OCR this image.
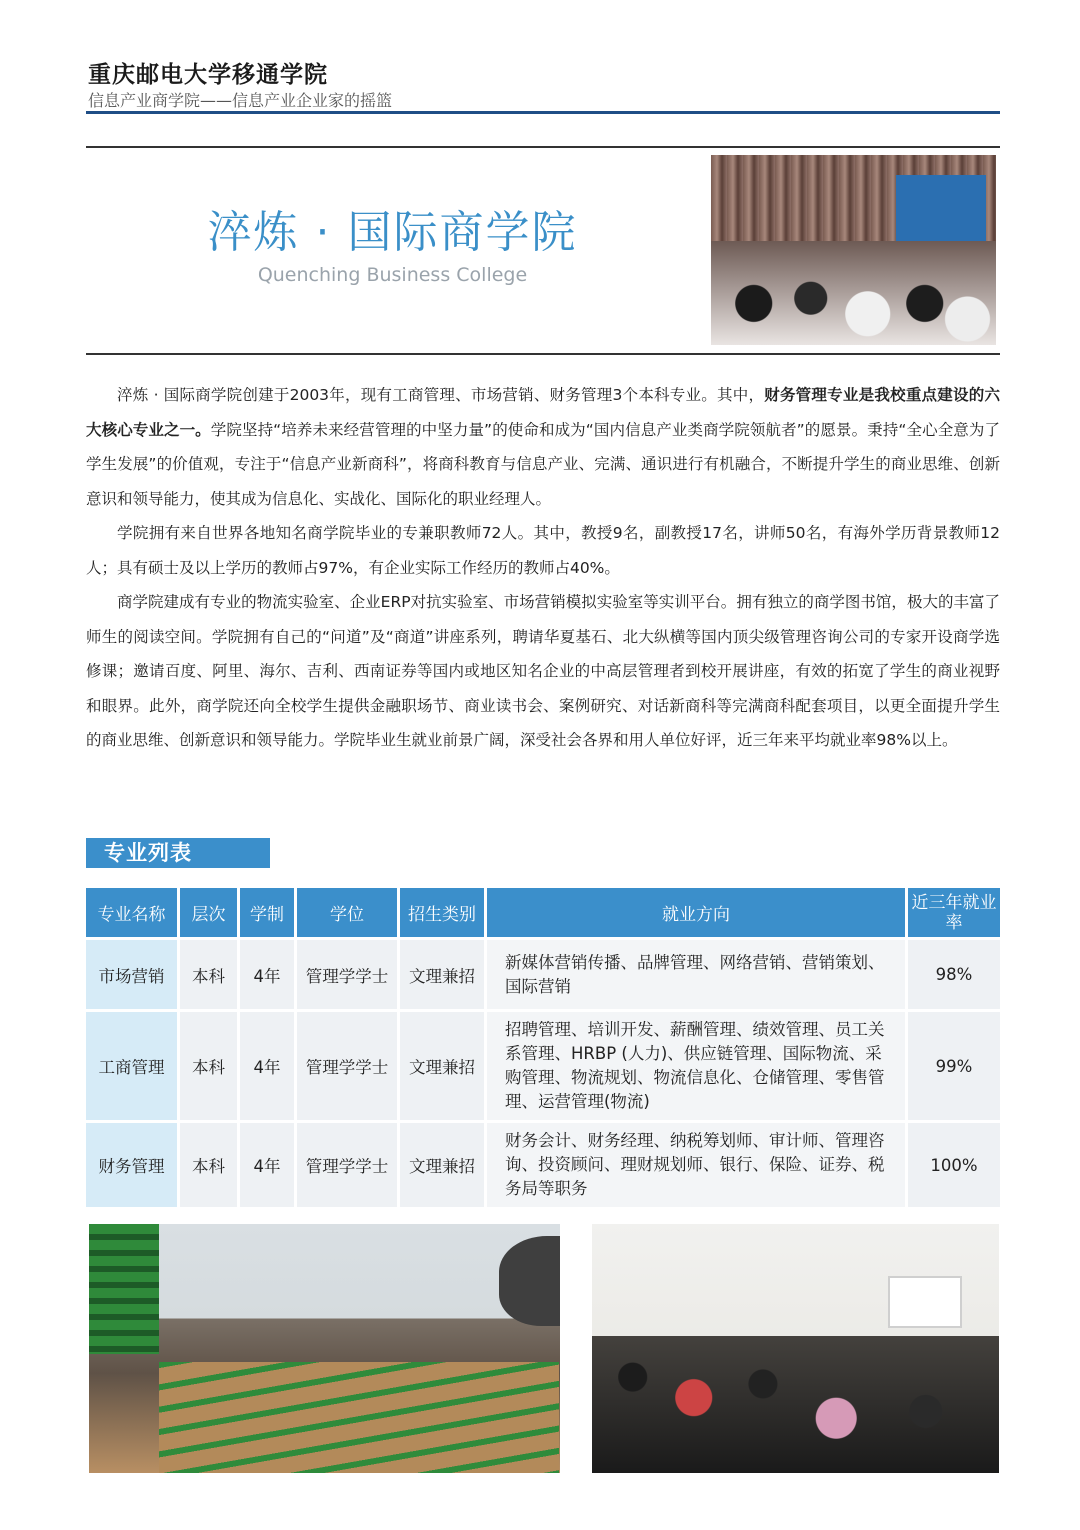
重庆邮电大学移通学院
信息产业商学院——信息产业企业家的摇篮
淬炼 · 国际商学院
Quenching Business College

淬炼 · 国际商学院创建于2003年，现有工商管理、市场营销、财务管理3个本科专业。其中，财务管理专业是我校重点建设的六大核心专业之一。学院坚持“培养未来经营管理的中坚力量”的使命和成为“国内信息产业类商学院领航者”的愿景。秉持“全心全意为了学生发展”的价值观，专注于“信息产业新商科”，将商科教育与信息产业、完满、通识进行有机融合，不断提升学生的商业思维、创新意识和领导能力，使其成为信息化、实战化、国际化的职业经理人。

学院拥有来自世界各地知名商学院毕业的专兼职教师72人。其中，教授9名，副教授17名，讲师50名，有海外学历背景教师12人；具有硕士及以上学历的教师占97%，有企业实际工作经历的教师占40%。

商学院建成有专业的物流实验室、企业ERP对抗实验室、市场营销模拟实验室等实训平台。拥有独立的商学图书馆，极大的丰富了师生的阅读空间。学院拥有自己的“问道”及“商道”讲座系列，聘请华夏基石、北大纵横等国内顶尖级管理咨询公司的专家开设商学选修课；邀请百度、阿里、海尔、吉利、西南证券等国内或地区知名企业的中高层管理者到校开展讲座，有效的拓宽了学生的商业视野和眼界。此外，商学院还向全校学生提供金融职场节、商业读书会、案例研究、对话新商科等完满商科配套项目，以更全面提升学生的商业思维、创新意识和领导能力。学院毕业生就业前景广阔，深受社会各界和用人单位好评，近三年来平均就业率98%以上。

专业列表
专业名称	层次	学制	学位	招生类别	就业方向	近三年就业率
市场营销	本科	4年	管理学学士	文理兼招	新媒体营销传播、品牌管理、网络营销、营销策划、国际营销	98%
工商管理	本科	4年	管理学学士	文理兼招	招聘管理、培训开发、薪酬管理、绩效管理、员工关系管理、HRBP (人力)、供应链管理、国际物流、采购管理、物流规划、物流信息化、仓储管理、零售管理、运营管理(物流)	99%
财务管理	本科	4年	管理学学士	文理兼招	财务会计、财务经理、纳税筹划师、审计师、管理咨询、投资顾问、理财规划师、银行、保险、证券、税务局等职务	100%
